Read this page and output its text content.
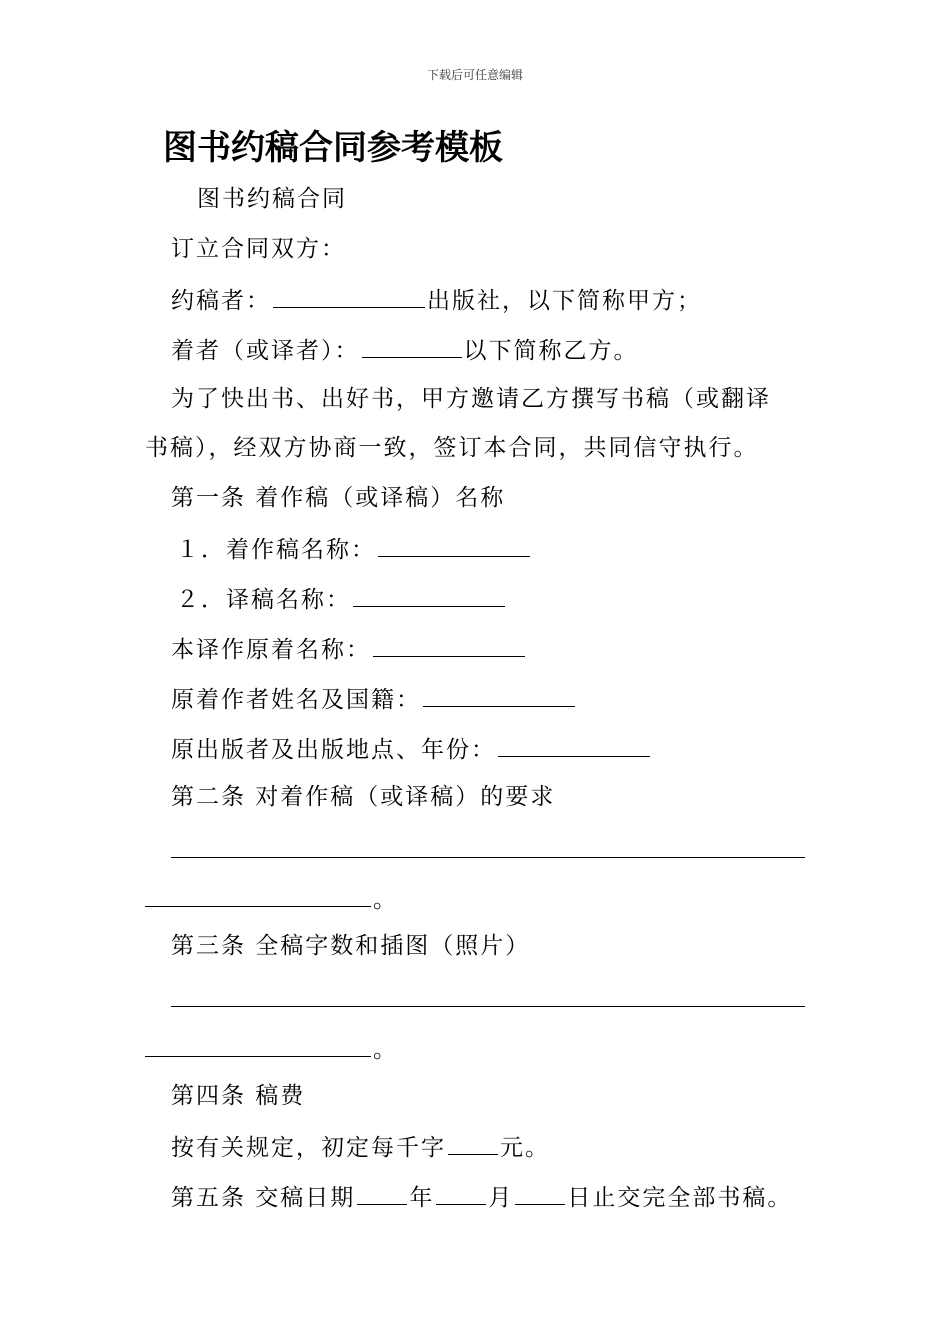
下载后可任意编辑
图书约稿合同参考模板
图书约稿合同
订立合同双方：
约稿者：	出版社，以下简称甲方；
着者（或译者）：	以下简称乙方。
为了快出书、出好书，甲方邀请乙方撰写书稿（或翻译
书稿），经双方协商一致，签订本合同，共同信守执行。
第一条 着作稿（或译稿）名称
１．着作稿名称：
２．译稿名称：
本译作原着名称：
原着作者姓名及国籍：
原出版者及出版地点、年份：
第二条 对着作稿（或译稿）的要求
。
第三条 全稿字数和插图（照片）
。
第四条 稿费
按有关规定，初定每千字 元。
第五条 交稿日期 年 月 日止交完全部书稿。
